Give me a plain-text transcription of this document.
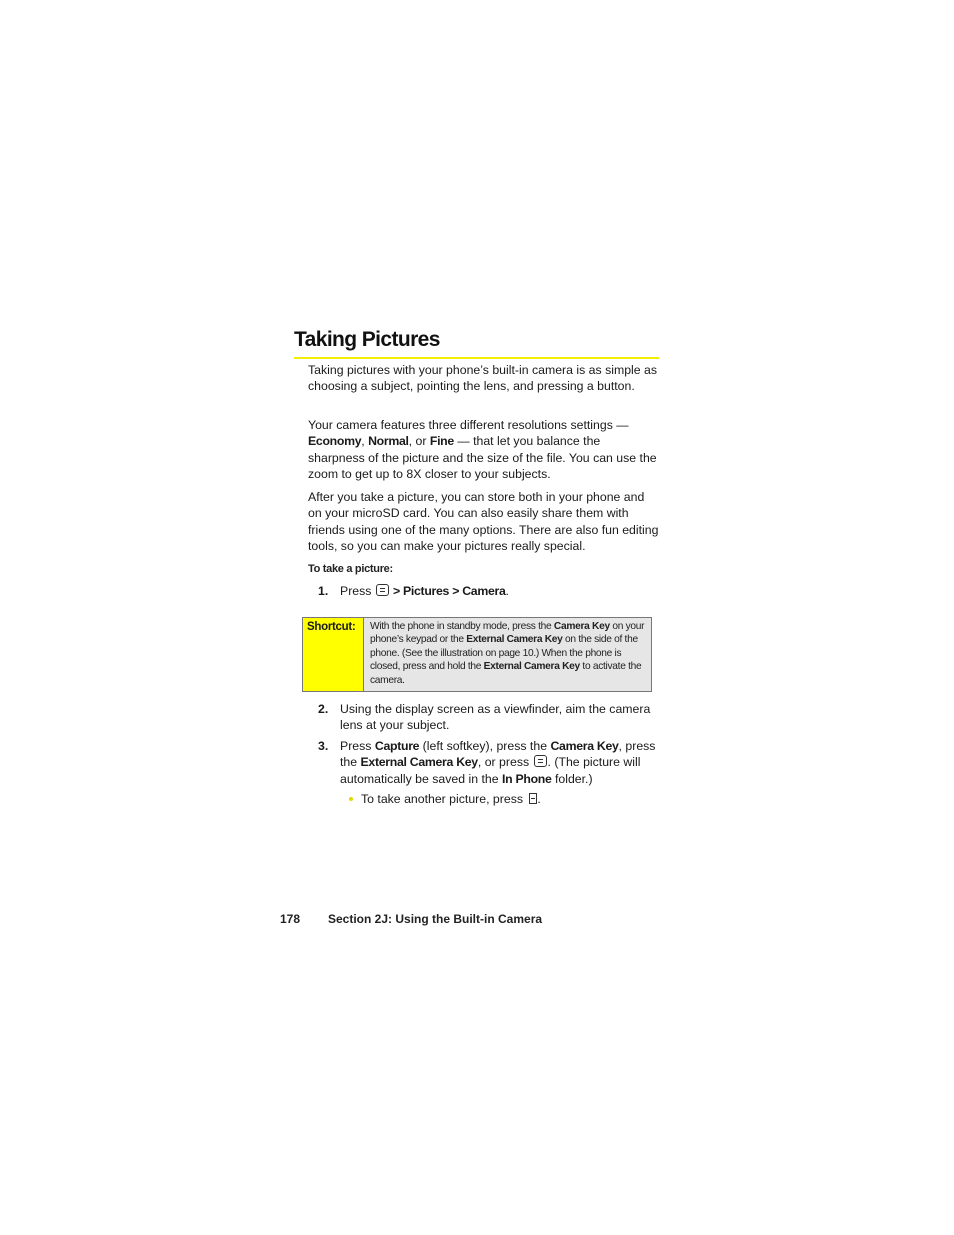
Taking Pictures

Taking pictures with your phone’s built-in camera is as simple as choosing a subject, pointing the lens, and pressing a button.

Your camera features three different resolutions settings — Economy, Normal, or Fine — that let you balance the sharpness of the picture and the size of the file. You can use the zoom to get up to 8X closer to your subjects.

After you take a picture, you can store both in your phone and on your microSD card. You can also easily share them with friends using one of the many options. There are also fun editing tools, so you can make your pictures really special.

To take a picture:
1. Press  > Pictures > Camera.
Shortcut:	With the phone in standby mode, press the Camera Key on your phone’s keypad or the External Camera Key on the side of the phone. (See the illustration on page 10.) When the phone is closed, press and hold the External Camera Key to activate the camera.
2. Using the display screen as a viewfinder, aim the camera lens at your subject.
3. Press Capture (left softkey), press the Camera Key, press the External Camera Key, or press . (The picture will automatically be saved in the In Phone folder.)
To take another picture, press .
178 Section 2J: Using the Built-in Camera
